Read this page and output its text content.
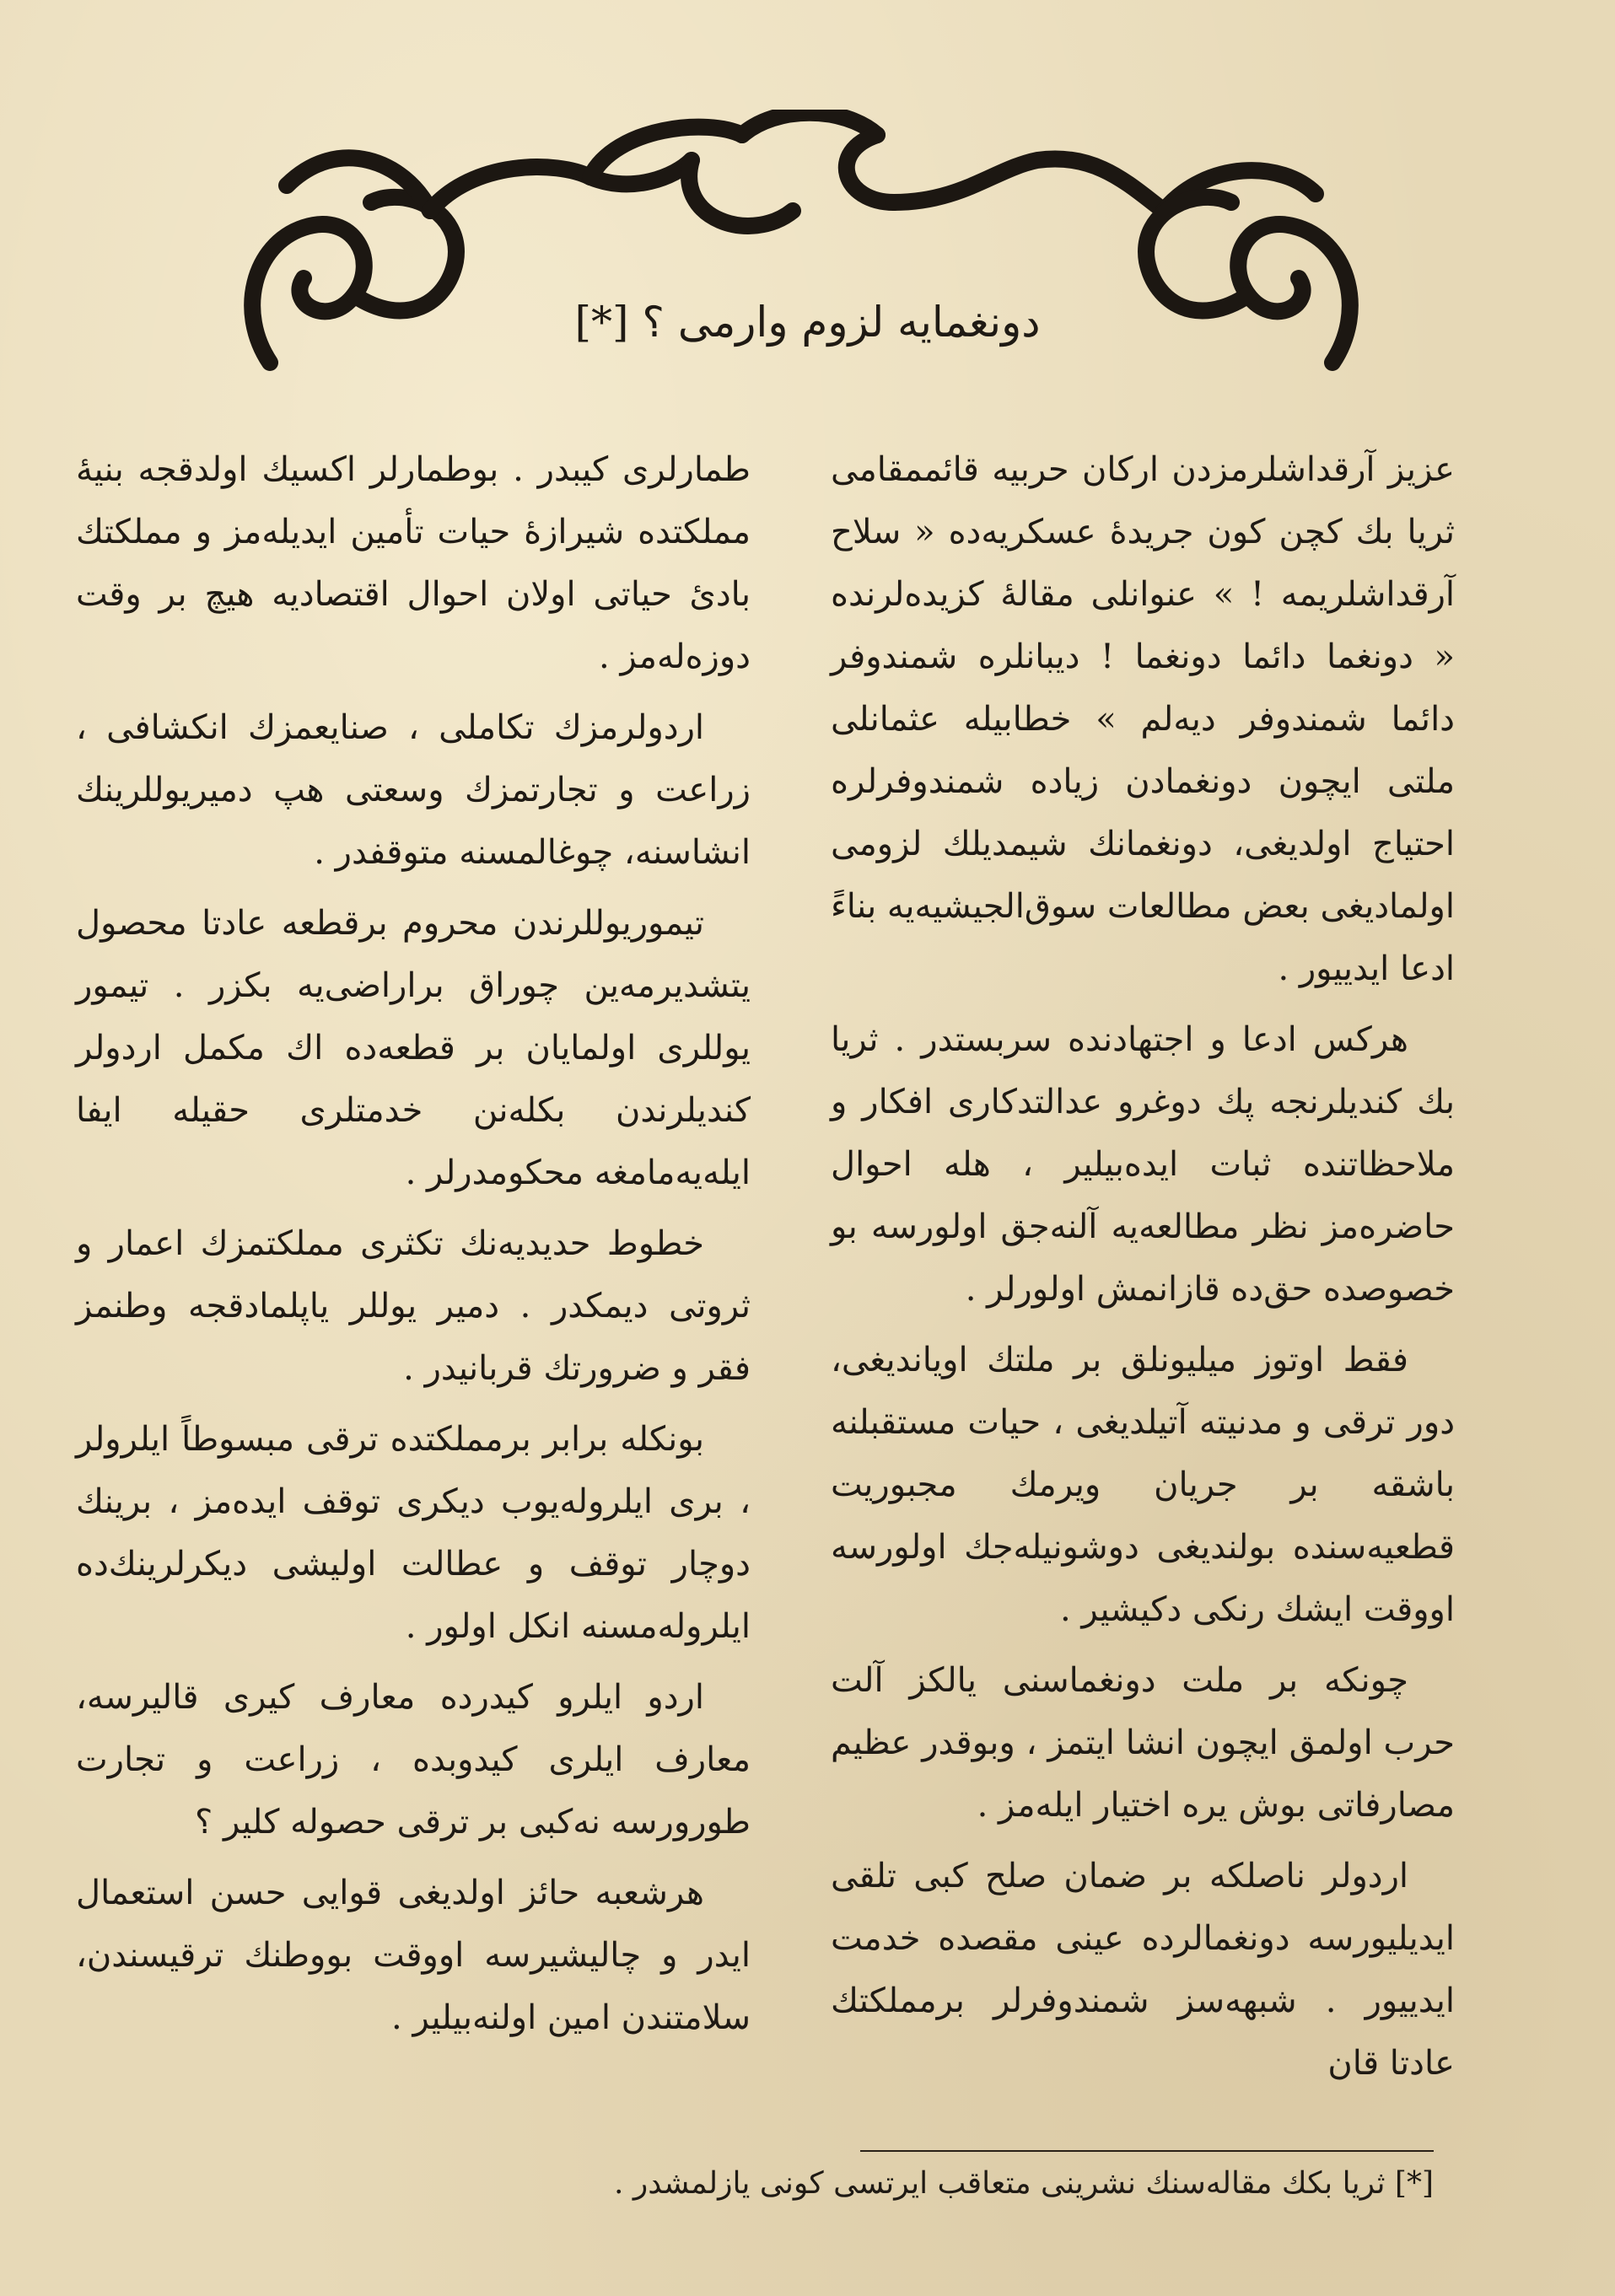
دونغمایه لزوم وارمی ؟ [*]

عزیز آرقداشلرمزدن ارکان حربیه قائممقامی ثریا بك کچن کون جریدهٔ عسکریه‌ده « سلاح آرقداشلریمه ! » عنوانلی مقالهٔ کزیده‌لرنده « دونغما دائما دونغما ! دیبانلره شمندوفر دائما شمندوفر دیه‌لم » خطابیله عثمانلی ملتی ایچون دونغمادن زیاده شمندوفرلره احتیاج اولدیغی، دونغمانك شیمدیلك لزومی اولمادیغی بعض مطالعات سوق‌الجیشیه‌یه بناءً ادعا ایدییور .

هرکس ادعا و اجتهادنده سربستدر . ثریا بك کندیلرنجه پك دوغرو عدالتدکاری افکار و ملاحظاتنده ثبات ایده‌بیلیر ، هله احوال حاضره‌مز نظر مطالعه‌یه آلنه‌جق اولورسه بو خصوصده حق‌ده قازانمش اولورلر .

فقط اوتوز میلیونلق بر ملتك اویاندیغی، دور ترقی و مدنیته آتیلدیغی ، حیات مستقبلنه باشقه بر جریان ویرمك مجبوریت قطعیه‌سنده بولندیغی دوشونیله‌جك اولورسه اووقت ایشك رنکی دکیشیر .

چونکه بر ملت دونغماسنی یالکز آلت حرب اولمق ایچون انشا ایتمز ، وبوقدر عظیم مصارفاتی بوش یره اختیار ایله‌مز .

اردولر ناصلکه بر ضمان صلح کبی تلقی ایدیلیورسه دونغمالرده عینی مقصده خدمت ایدییور . شبهه‌سز شمندوفرلر برمملکتك عادتا قان

طمارلری کیبدر . بوطمارلر اکسیك اولدقجه بنیهٔ مملکتده شیرازهٔ حیات تأمین ایدیله‌مز و مملکتك بادئ حیاتی اولان احوال اقتصادیه هیچ بر وقت دوزه‌له‌مز .

اردولرمزك تکاملی ، صنایعمزك انکشافی ، زراعت و تجارتمزك وسعتی هپ دمیریوللرینك انشاسنه، چوغالمسنه متوقفدر .

تیموریوللرندن محروم برقطعه عادتا محصول یتشدیرمه‌ین چوراق براراضی‌یه بکزر . تیمور یوللری اولمایان بر قطعه‌ده اك مکمل اردولر کندیلرندن بکله‌نن خدمتلری حقیله ایفا ایله‌یه‌مامغه محکومدرلر .

خطوط حدیدیه‌نك تکثری مملکتمزك اعمار و ثروتی دیمکدر . دمیر یوللر یاپلمادقجه وطنمز فقر و ضرورتك قربانیدر .

بونکله برابر برمملکتده ترقی مبسوطاً ایلرولر ، بری ایلروله‌یوب دیکری توقف ایده‌مز ، برینك دوچار توقف و عطالت اولیشی دیکرلرینك‌ده ایلروله‌مسنه انکل اولور .

اردو ایلرو کیدرده معارف کیری قالیرسه، معارف ایلری کیدوبده ، زراعت و تجارت طورورسه نه‌کبی بر ترقی حصوله کلیر ؟

هرشعبه حائز اولدیغی قوایی حسن استعمال ایدر و چالیشیرسه اووقت بووطنك ترقیسندن، سلامتندن امین اولنه‌بیلیر .

[*] ثریا بکك مقاله‌سنك نشرینی متعاقب ایرتسی کونی یازلمشدر .
